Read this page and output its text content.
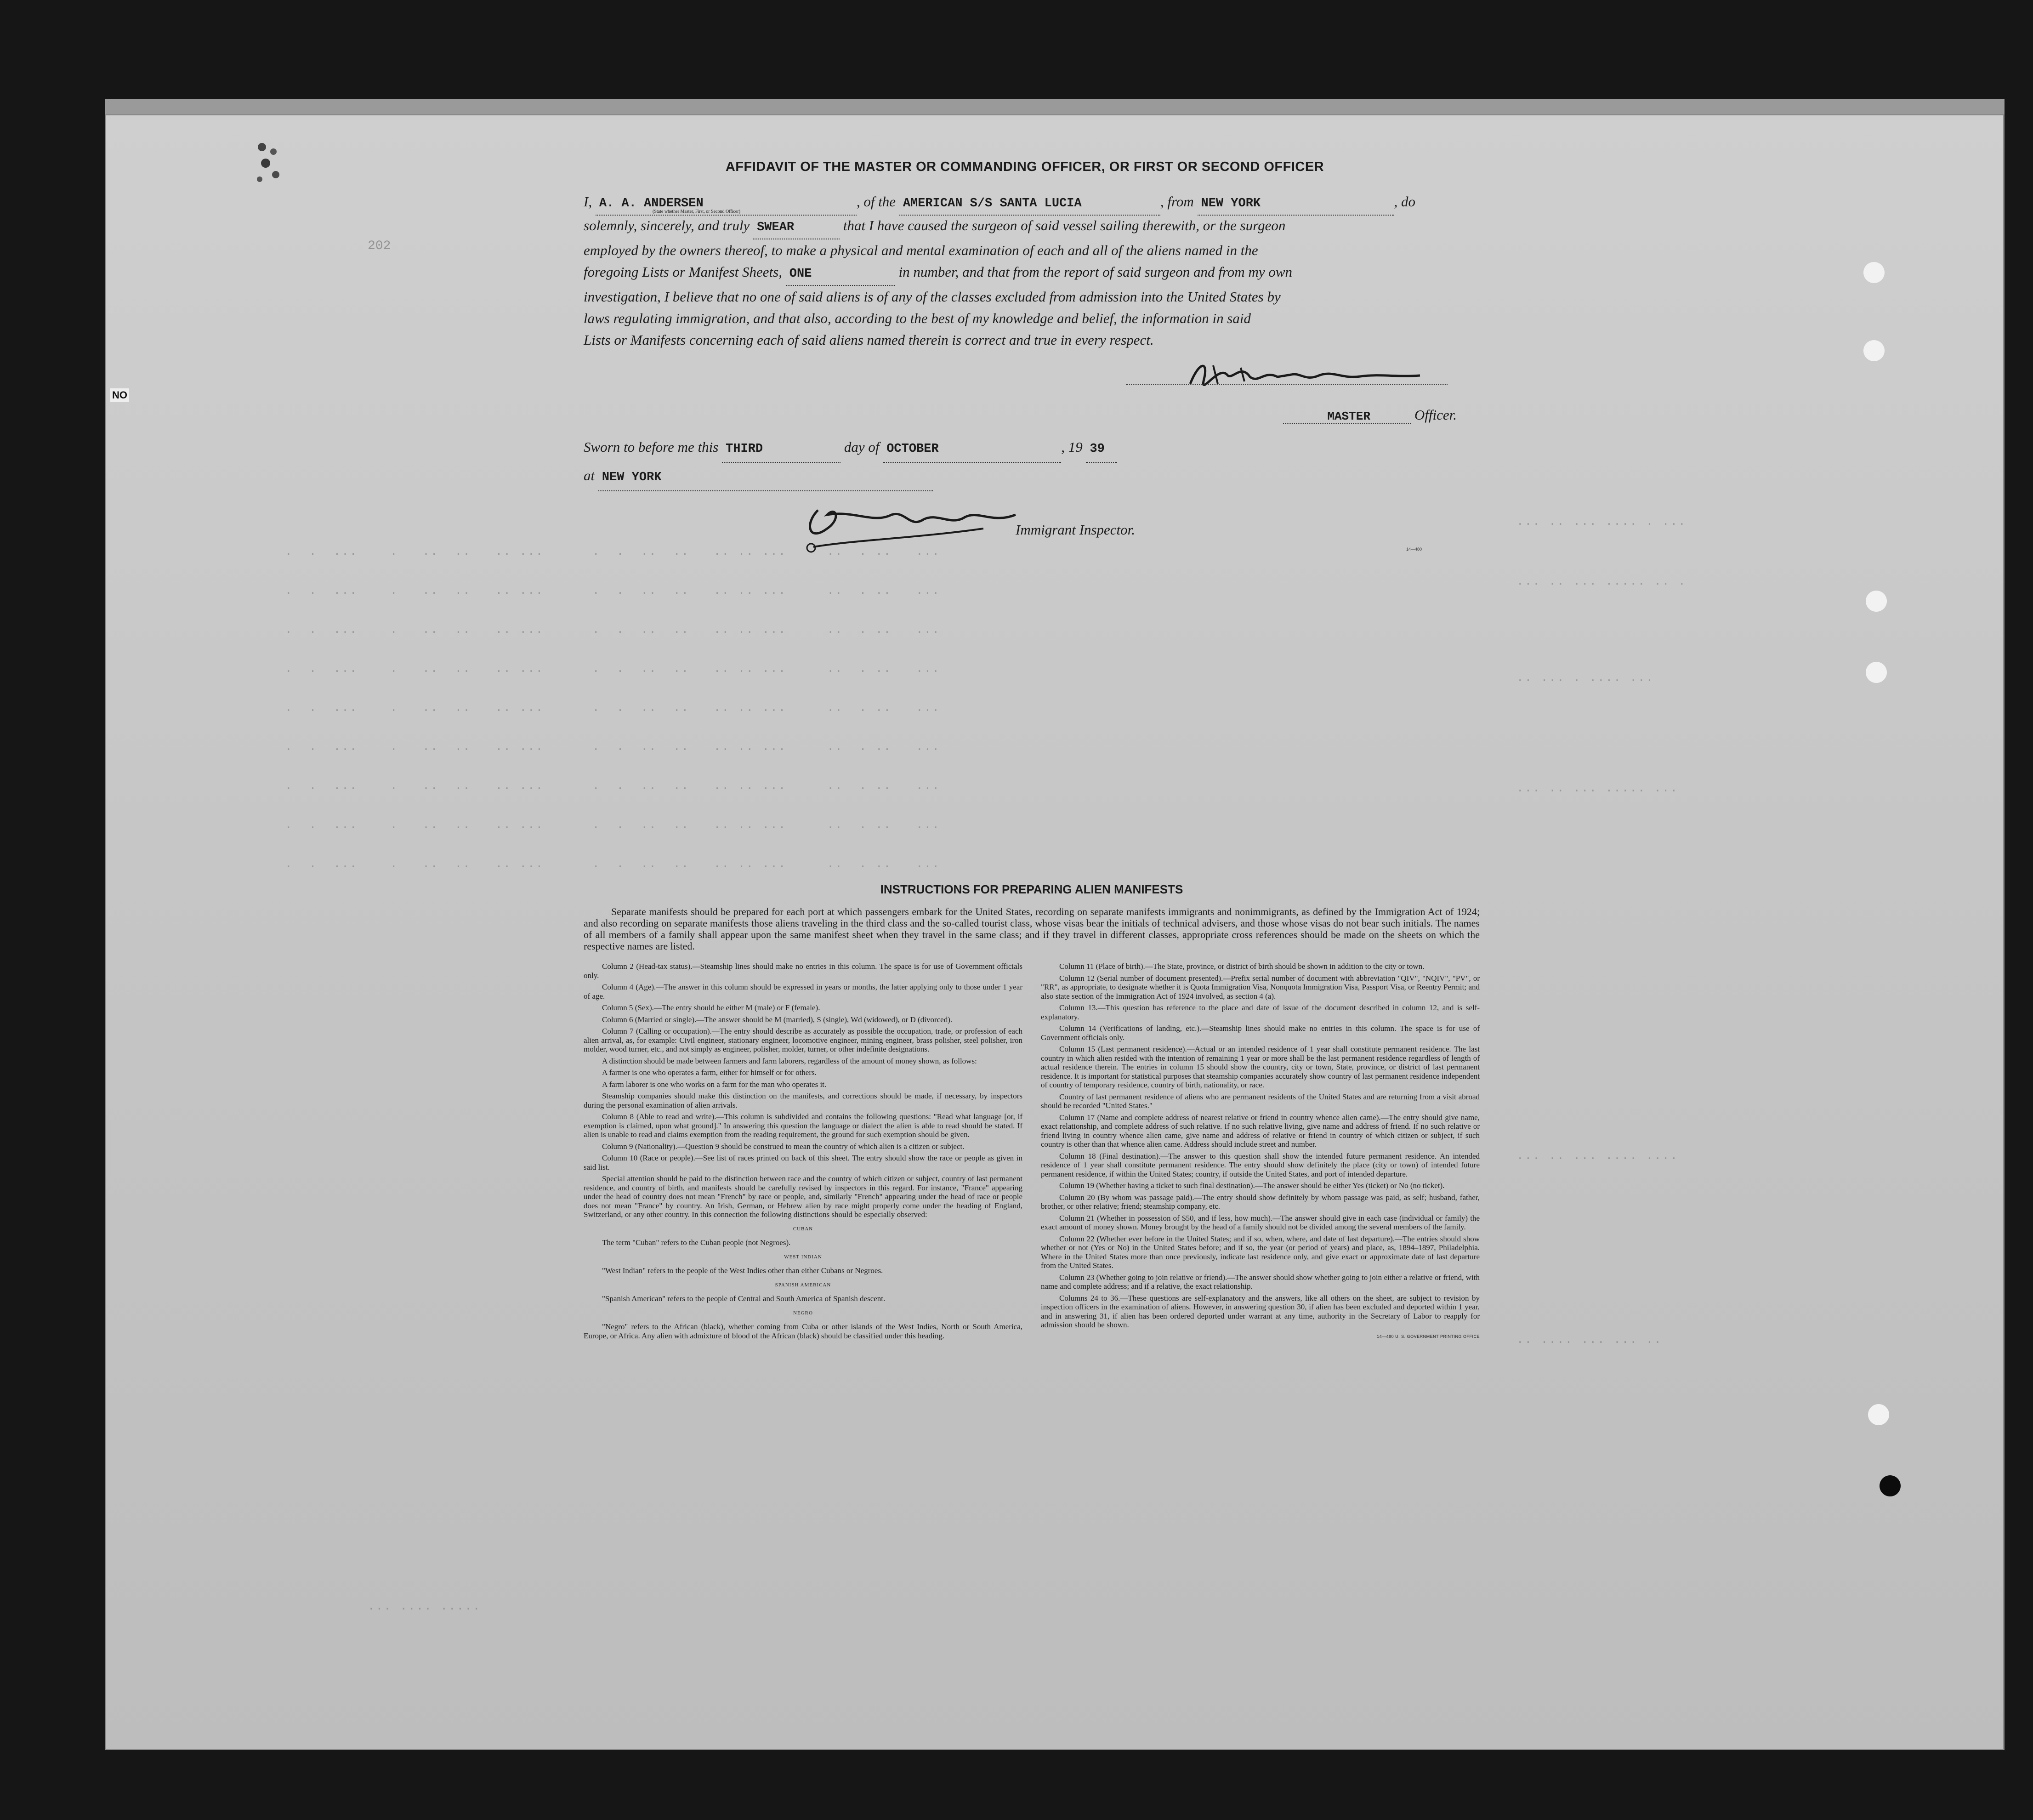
NO
202
.  .  ...    .   ..  ..   .. ...      .  .  ..  ..   .. .. ...     ..  . ..   ...
.  .  ...    .   ..  ..   .. ...      .  .  ..  ..   .. .. ...     ..  . ..   ...
.  .  ...    .   ..  ..   .. ...      .  .  ..  ..   .. .. ...     ..  . ..   ...
.  .  ...    .   ..  ..   .. ...      .  .  ..  ..   .. .. ...     ..  . ..   ...
.  .  ...    .   ..  ..   .. ...      .  .  ..  ..   .. .. ...     ..  . ..   ...
.  .  ...    .   ..  ..   .. ...      .  .  ..  ..   .. .. ...     ..  . ..   ...
.  .  ...    .   ..  ..   .. ...      .  .  ..  ..   .. .. ...     ..  . ..   ...
.  .  ...    .   ..  ..   .. ...      .  .  ..  ..   .. .. ...     ..  . ..   ...
.  .  ...    .   ..  ..   .. ...      .  .  ..  ..   .. .. ...     ..  . ..   ...
... .. ... .... . ...
... .. ... ..... .. .
.. ... . .... ...
... .. ... ..... ...
... .. ... .... ....
.. .... ... ... ..
... .... .....
AFFIDAVIT OF THE MASTER OR COMMANDING OFFICER, OR FIRST OR SECOND OFFICER
I, A. A. ANDERSEN	, of the AMERICAN S/S SANTA LUCIA	, from NEW YORK	, do
(State whether Master, First, or Second Officer)
solemnly, sincerely, and truly SWEAR	that I have caused the surgeon of said vessel sailing therewith, or the surgeon
employed by the owners thereof, to make a physical and mental examination of each and all of the aliens named in the
foregoing Lists or Manifest Sheets, ONE	in number, and that from the report of said surgeon and from my own
investigation, I believe that no one of said aliens is of any of the classes excluded from admission into the United States by
laws regulating immigration, and that also, according to the best of my knowledge and belief, the information in said
Lists or Manifests concerning each of said aliens named therein is correct and true in every respect.
MASTER	Officer.
Sworn to before me this THIRD	day of OCTOBER	, 19 39
at NEW YORK
Immigrant Inspector.
14—480
INSTRUCTIONS FOR PREPARING ALIEN MANIFESTS
Separate manifests should be prepared for each port at which passengers embark for the United States, recording on separate manifests immigrants and nonimmigrants, as defined by the Immigration Act of 1924; and also recording on separate manifests those aliens traveling in the third class and the so-called tourist class, whose visas bear the initials of technical advisers, and those whose visas do not bear such initials. The names of all members of a family shall appear upon the same manifest sheet when they travel in the same class; and if they travel in different classes, appropriate cross references should be made on the sheets on which the respective names are listed.

Column 2 (Head-tax status).—Steamship lines should make no entries in this column. The space is for use of Government officials only.

Column 4 (Age).—The answer in this column should be expressed in years or months, the latter applying only to those under 1 year of age.

Column 5 (Sex).—The entry should be either M (male) or F (female).

Column 6 (Married or single).—The answer should be M (married), S (single), Wd (widowed), or D (divorced).

Column 7 (Calling or occupation).—The entry should describe as accurately as possible the occupation, trade, or profession of each alien arrival, as, for example: Civil engineer, stationary engineer, locomotive engineer, mining engineer, brass polisher, steel polisher, iron molder, wood turner, etc., and not simply as engineer, polisher, molder, turner, or other indefinite designations.

A distinction should be made between farmers and farm laborers, regardless of the amount of money shown, as follows:

A farmer is one who operates a farm, either for himself or for others.

A farm laborer is one who works on a farm for the man who operates it.

Steamship companies should make this distinction on the manifests, and corrections should be made, if necessary, by inspectors during the personal examination of alien arrivals.

Column 8 (Able to read and write).—This column is subdivided and contains the following questions: "Read what language [or, if exemption is claimed, upon what ground]." In answering this question the language or dialect the alien is able to read should be stated. If alien is unable to read and claims exemption from the reading requirement, the ground for such exemption should be given.

Column 9 (Nationality).—Question 9 should be construed to mean the country of which alien is a citizen or subject.

Column 10 (Race or people).—See list of races printed on back of this sheet. The entry should show the race or people as given in said list.

Special attention should be paid to the distinction between race and the country of which citizen or subject, country of last permanent residence, and country of birth, and manifests should be carefully revised by inspectors in this regard. For instance, "France" appearing under the head of country does not mean "French" by race or people, and, similarly "French" appearing under the head of race or people does not mean "France" by country. An Irish, German, or Hebrew alien by race might properly come under the heading of England, Switzerland, or any other country. In this connection the following distinctions should be especially observed:

CUBAN

The term "Cuban" refers to the Cuban people (not Negroes).

WEST INDIAN

"West Indian" refers to the people of the West Indies other than either Cubans or Negroes.

SPANISH AMERICAN

"Spanish American" refers to the people of Central and South America of Spanish descent.

NEGRO

"Negro" refers to the African (black), whether coming from Cuba or other islands of the West Indies, North or South America, Europe, or Africa. Any alien with admixture of blood of the African (black) should be classified under this heading.

Column 11 (Place of birth).—The State, province, or district of birth should be shown in addition to the city or town.

Column 12 (Serial number of document presented).—Prefix serial number of document with abbreviation "QIV", "NQIV", "PV", or "RR", as appropriate, to designate whether it is Quota Immigration Visa, Nonquota Immigration Visa, Passport Visa, or Reentry Permit; and also state section of the Immigration Act of 1924 involved, as section 4 (a).

Column 13.—This question has reference to the place and date of issue of the document described in column 12, and is self-explanatory.

Column 14 (Verifications of landing, etc.).—Steamship lines should make no entries in this column. The space is for use of Government officials only.

Column 15 (Last permanent residence).—Actual or an intended residence of 1 year shall constitute permanent residence. The last country in which alien resided with the intention of remaining 1 year or more shall be the last permanent residence regardless of length of actual residence therein. The entries in column 15 should show the country, city or town, State, province, or district of last permanent residence. It is important for statistical purposes that steamship companies accurately show country of last permanent residence independent of country of temporary residence, country of birth, nationality, or race.

Country of last permanent residence of aliens who are permanent residents of the United States and are returning from a visit abroad should be recorded "United States."

Column 17 (Name and complete address of nearest relative or friend in country whence alien came).—The entry should give name, exact relationship, and complete address of such relative. If no such relative living, give name and address of friend. If no such relative or friend living in country whence alien came, give name and address of relative or friend in country of which citizen or subject, if such country is other than that whence alien came. Address should include street and number.

Column 18 (Final destination).—The answer to this question shall show the intended future permanent residence. An intended residence of 1 year shall constitute permanent residence. The entry should show definitely the place (city or town) of intended future permanent residence, if within the United States; country, if outside the United States, and port of intended departure.

Column 19 (Whether having a ticket to such final destination).—The answer should be either Yes (ticket) or No (no ticket).

Column 20 (By whom was passage paid).—The entry should show definitely by whom passage was paid, as self; husband, father, brother, or other relative; friend; steamship company, etc.

Column 21 (Whether in possession of $50, and if less, how much).—The answer should give in each case (individual or family) the exact amount of money shown. Money brought by the head of a family should not be divided among the several members of the family.

Column 22 (Whether ever before in the United States; and if so, when, where, and date of last departure).—The entries should show whether or not (Yes or No) in the United States before; and if so, the year (or period of years) and place, as, 1894–1897, Philadelphia. Where in the United States more than once previously, indicate last residence only, and give exact or approximate date of last departure from the United States.

Column 23 (Whether going to join relative or friend).—The answer should show whether going to join either a relative or friend, with name and complete address; and if a relative, the exact relationship.

Columns 24 to 36.—These questions are self-explanatory and the answers, like all others on the sheet, are subject to revision by inspection officers in the examination of aliens. However, in answering question 30, if alien has been excluded and deported within 1 year, and in answering 31, if alien has been ordered deported under warrant at any time, authority in the Secretary of Labor to reapply for admission should be shown.

14—480 U. S. GOVERNMENT PRINTING OFFICE
